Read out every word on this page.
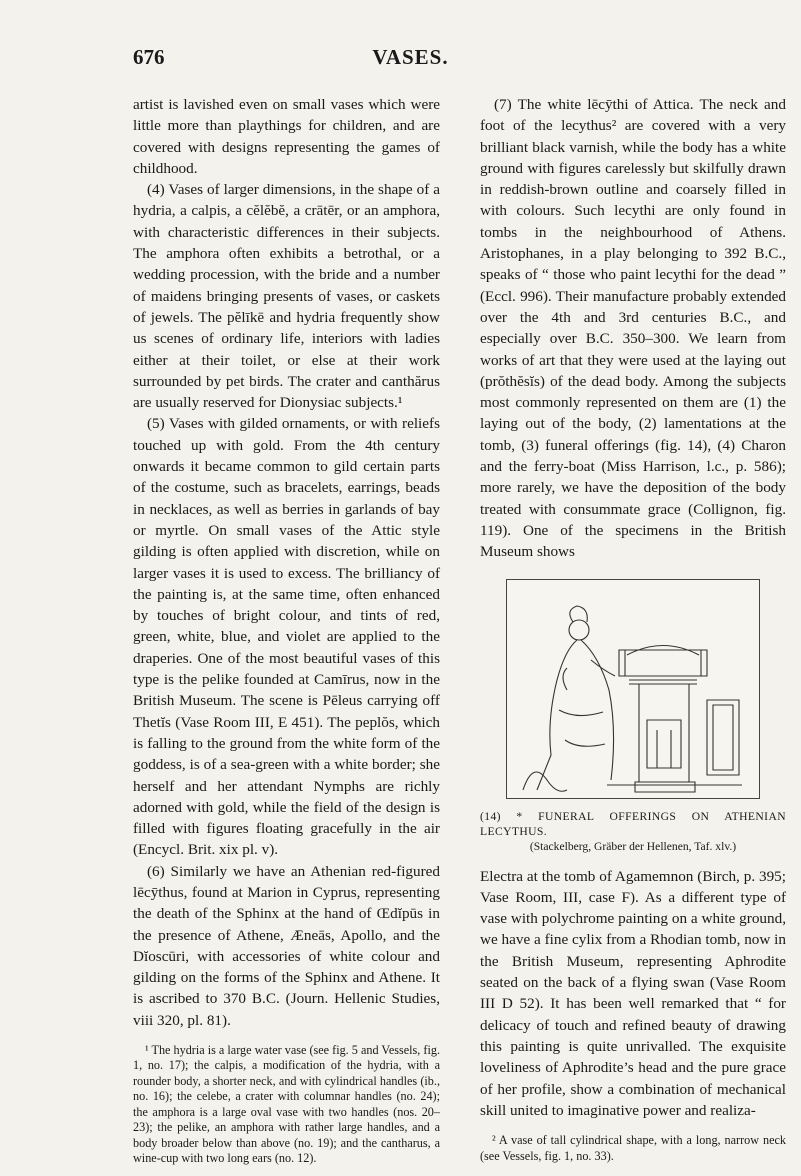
676	VASES.

artist is lavished even on small vases which were little more than playthings for children, and are covered with designs representing the games of childhood.

(4) Vases of larger dimensions, in the shape of a hydria, a calpis, a cĕlĕbĕ, a crātēr, or an amphora, with characteristic differences in their subjects. The amphora often exhibits a betrothal, or a wedding procession, with the bride and a number of maidens bringing presents of vases, or caskets of jewels. The pĕlīkē and hydria frequently show us scenes of ordinary life, interiors with ladies either at their toilet, or else at their work surrounded by pet birds. The crater and canthărus are usually reserved for Dionysiac subjects.¹

(5) Vases with gilded ornaments, or with reliefs touched up with gold. From the 4th century onwards it became common to gild certain parts of the costume, such as bracelets, earrings, beads in necklaces, as well as berries in garlands of bay or myrtle. On small vases of the Attic style gilding is often applied with discretion, while on larger vases it is used to excess. The brilliancy of the painting is, at the same time, often enhanced by touches of bright colour, and tints of red, green, white, blue, and violet are applied to the draperies. One of the most beautiful vases of this type is the pelike founded at Camīrus, now in the British Museum. The scene is Pēleus carrying off Thetĭs (Vase Room III, E 451). The peplŏs, which is falling to the ground from the white form of the goddess, is of a sea-green with a white border; she herself and her attendant Nymphs are richly adorned with gold, while the field of the design is filled with figures floating gracefully in the air (Encycl. Brit. xix pl. v).

(6) Similarly we have an Athenian red-figured lēcȳthus, found at Marion in Cyprus, representing the death of the Sphinx at the hand of Œdĭpūs in the presence of Athene, Æneās, Apollo, and the Dĭoscūri, with accessories of white colour and gilding on the forms of the Sphinx and Athene. It is ascribed to 370 B.C. (Journ. Hellenic Studies, viii 320, pl. 81).

¹ The hydria is a large water vase (see fig. 5 and Vessels, fig. 1, no. 17); the calpis, a modification of the hydria, with a rounder body, a shorter neck, and with cylindrical handles (ib., no. 16); the celebe, a crater with columnar handles (no. 24); the amphora is a large oval vase with two handles (nos. 20–23); the pelike, an amphora with rather large handles, and a body broader below than above (no. 19); and the cantharus, a wine-cup with two long ears (no. 12).

(7) The white lēcȳthi of Attica. The neck and foot of the lecythus² are covered with a very brilliant black varnish, while the body has a white ground with figures carelessly but skilfully drawn in reddish-brown outline and coarsely filled in with colours. Such lecythi are only found in tombs in the neighbourhood of Athens. Aristophanes, in a play belonging to 392 B.C., speaks of “ those who paint lecythi for the dead ” (Eccl. 996). Their manufacture probably extended over the 4th and 3rd centuries B.C., and especially over B.C. 350–300. We learn from works of art that they were used at the laying out (prŏthĕsĭs) of the dead body. Among the subjects most commonly represented on them are (1) the laying out of the body, (2) lamentations at the tomb, (3) funeral offerings (fig. 14), (4) Charon and the ferry-boat (Miss Harrison, l.c., p. 586); more rarely, we have the deposition of the body treated with consummate grace (Collignon, fig. 119). One of the specimens in the British Museum shows

(14) * FUNERAL OFFERINGS ON ATHENIAN LECYTHUS.
(Stackelberg, Gräber der Hellenen, Taf. xlv.)

Electra at the tomb of Agamemnon (Birch, p. 395; Vase Room, III, case F). As a different type of vase with polychrome painting on a white ground, we have a fine cylix from a Rhodian tomb, now in the British Museum, representing Aphrodite seated on the back of a flying swan (Vase Room III D 52). It has been well remarked that “ for delicacy of touch and refined beauty of drawing this painting is quite unrivalled. The exquisite loveliness of Aphrodite’s head and the pure grace of her profile, show a combination of mechanical skill united to imaginative power and realiza-

² A vase of tall cylindrical shape, with a long, narrow neck (see Vessels, fig. 1, no. 33).
